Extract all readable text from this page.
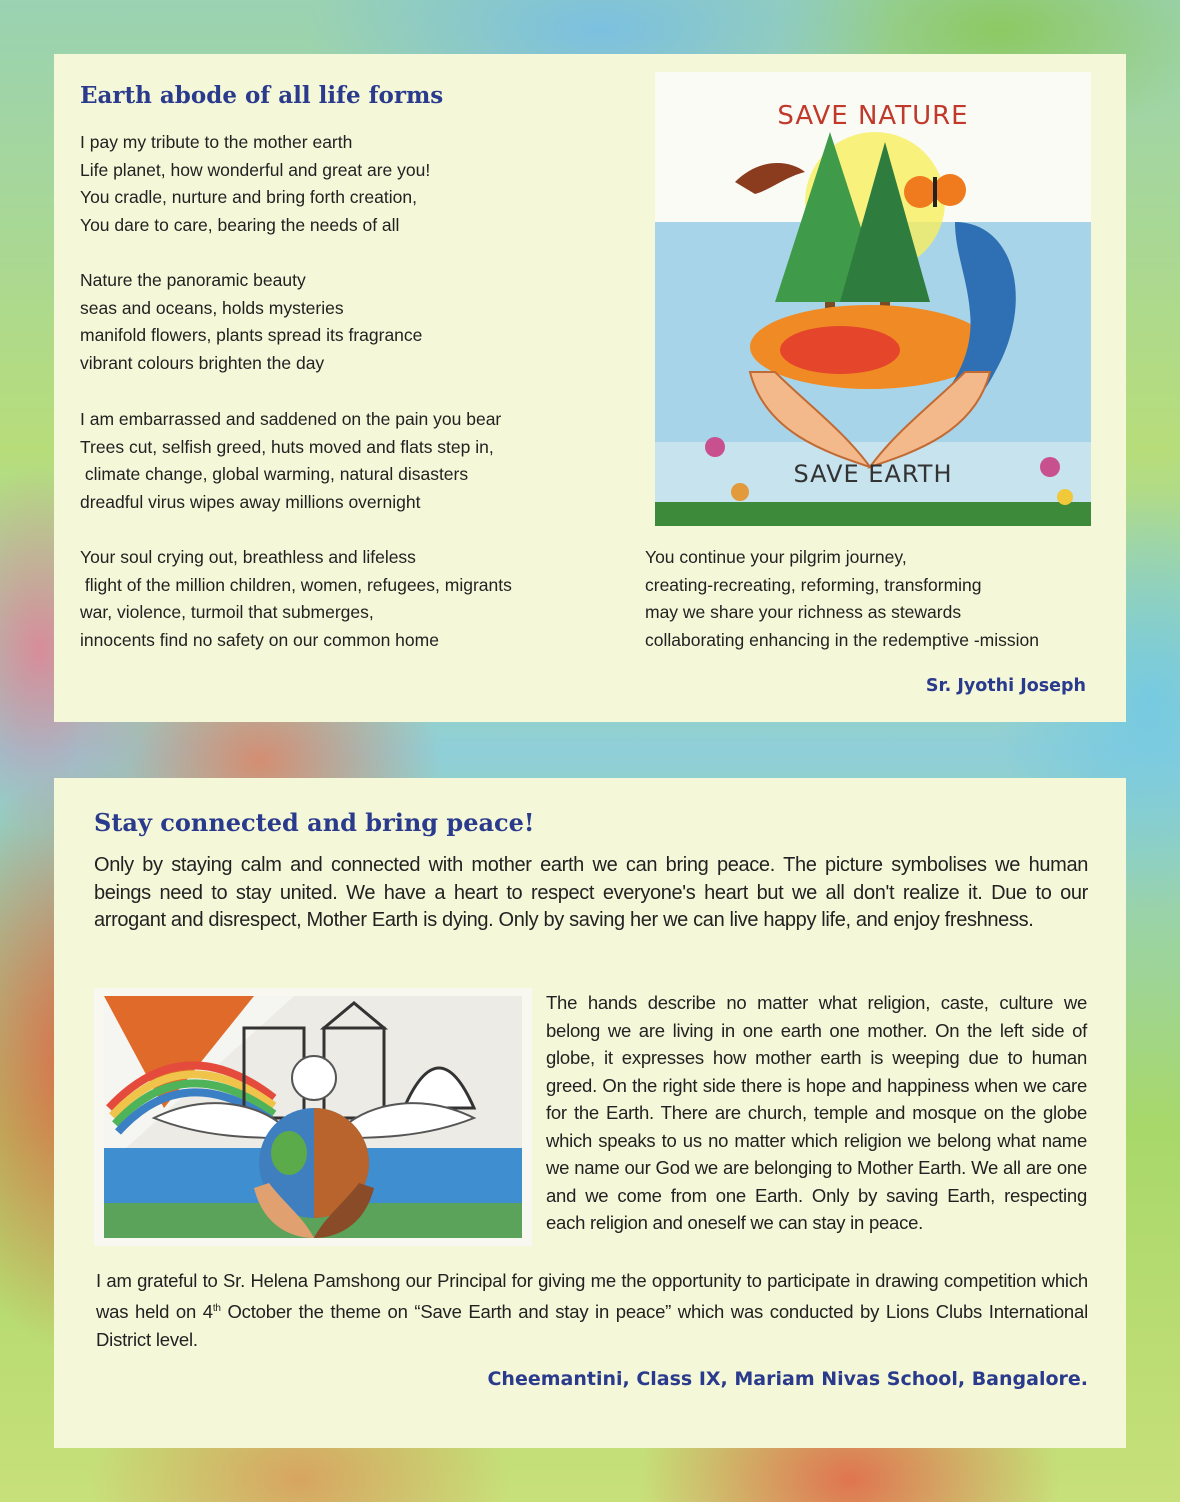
Earth abode of all life forms

I pay my tribute to the mother earth
Life planet, how wonderful and great are you!
You cradle, nurture and bring forth creation,
You dare to care, bearing the needs of all

Nature the panoramic beauty
seas and oceans, holds mysteries
manifold flowers, plants spread its fragrance
vibrant colours brighten the day

I am embarrassed and saddened on the pain you bear
Trees cut, selfish greed, huts moved and flats step in,
climate change, global warming, natural disasters
dreadful virus wipes away millions overnight

Your soul crying out, breathless and lifeless
flight of the million children, women, refugees, migrants
war, violence, turmoil that submerges,
innocents find no safety on our common home

You continue your pilgrim journey,
creating-recreating, reforming, transforming
may we share your richness as stewards
collaborating enhancing in the redemptive -mission

SAVE NATURE
SAVE EARTH
Sr. Jyothi Joseph
Stay connected and bring peace!

Only by staying calm and connected with mother earth we can bring peace. The picture symbolises we human beings need to stay united. We have a heart to respect everyone's heart but we all don't realize it. Due to our arrogant and disrespect, Mother Earth is dying. Only by saving her we can live happy life, and enjoy freshness.

The hands describe no matter what religion, caste, culture we belong we are living in one earth one mother. On the left side of globe, it expresses how mother earth is weeping due to human greed. On the right side there is hope and happiness when we care for the Earth. There are church, temple and mosque on the globe which speaks to us no matter which religion we belong what name we name our God we are belonging to Mother Earth. We all are one and we come from one Earth. Only by saving Earth, respecting each religion and oneself we can stay in peace.

I am grateful to Sr. Helena Pamshong our Principal for giving me the opportunity to participate in drawing competition which was held on 4th October the theme on “Save Earth and stay in peace” which was conducted by Lions Clubs International District level.

Cheemantini, Class IX, Mariam Nivas School, Bangalore.
